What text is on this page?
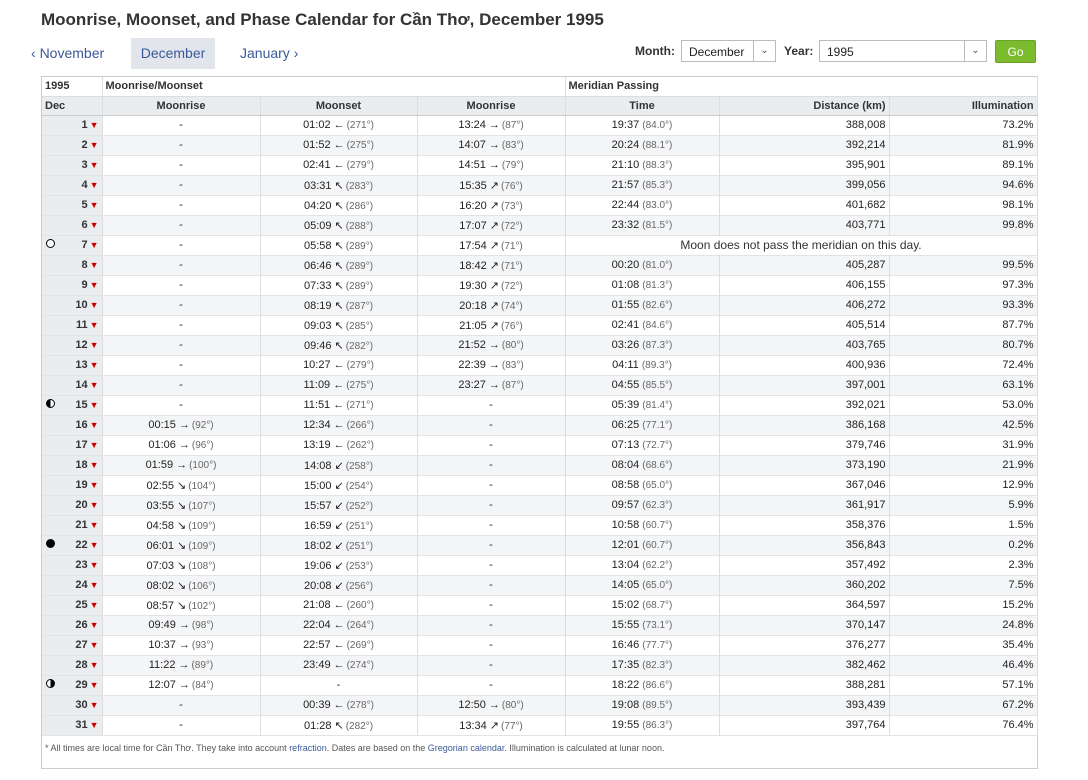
Moonrise, Moonset, and Phase Calendar for Cần Thơ, December 1995
‹ November	December	January ›	Month:	December	⌄	Year:	1995	⌄	Go
1995	Moonrise/Moonset			Meridian Passing		
Dec	Moonrise	Moonset	Moonrise	Time	Distance (km)	Illumination
1 ▼	-	01:02 ← (271°)	13:24 → (87°)	19:37 (84.0°)	388,008	73.2%
2 ▼	-	01:52 ← (275°)	14:07 → (83°)	20:24 (88.1°)	392,214	81.9%
3 ▼	-	02:41 ← (279°)	14:51 → (79°)	21:10 (88.3°)	395,901	89.1%
4 ▼	-	03:31 ↖ (283°)	15:35 ↗ (76°)	21:57 (85.3°)	399,056	94.6%
5 ▼	-	04:20 ↖ (286°)	16:20 ↗ (73°)	22:44 (83.0°)	401,682	98.1%
6 ▼	-	05:09 ↖ (288°)	17:07 ↗ (72°)	23:32 (81.5°)	403,771	99.8%

7 ▼	-	05:58 ↖ (289°)	17:54 ↗ (71°)	Moon does not pass the meridian on this day.		
8 ▼	-	06:46 ↖ (289°)	18:42 ↗ (71°)	00:20 (81.0°)	405,287	99.5%
9 ▼	-	07:33 ↖ (289°)	19:30 ↗ (72°)	01:08 (81.3°)	406,155	97.3%
10 ▼	-	08:19 ↖ (287°)	20:18 ↗ (74°)	01:55 (82.6°)	406,272	93.3%
11 ▼	-	09:03 ↖ (285°)	21:05 ↗ (76°)	02:41 (84.6°)	405,514	87.7%
12 ▼	-	09:46 ↖ (282°)	21:52 → (80°)	03:26 (87.3°)	403,765	80.7%
13 ▼	-	10:27 ← (279°)	22:39 → (83°)	04:11 (89.3°)	400,936	72.4%
14 ▼	-	11:09 ← (275°)	23:27 → (87°)	04:55 (85.5°)	397,001	63.1%

15 ▼	-	11:51 ← (271°)	-	05:39 (81.4°)	392,021	53.0%
16 ▼	00:15 → (92°)	12:34 ← (266°)	-	06:25 (77.1°)	386,168	42.5%
17 ▼	01:06 → (96°)	13:19 ← (262°)	-	07:13 (72.7°)	379,746	31.9%
18 ▼	01:59 → (100°)	14:08 ↙ (258°)	-	08:04 (68.6°)	373,190	21.9%
19 ▼	02:55 ↘ (104°)	15:00 ↙ (254°)	-	08:58 (65.0°)	367,046	12.9%
20 ▼	03:55 ↘ (107°)	15:57 ↙ (252°)	-	09:57 (62.3°)	361,917	5.9%
21 ▼	04:58 ↘ (109°)	16:59 ↙ (251°)	-	10:58 (60.7°)	358,376	1.5%

22 ▼	06:01 ↘ (109°)	18:02 ↙ (251°)	-	12:01 (60.7°)	356,843	0.2%
23 ▼	07:03 ↘ (108°)	19:06 ↙ (253°)	-	13:04 (62.2°)	357,492	2.3%
24 ▼	08:02 ↘ (106°)	20:08 ↙ (256°)	-	14:05 (65.0°)	360,202	7.5%
25 ▼	08:57 ↘ (102°)	21:08 ← (260°)	-	15:02 (68.7°)	364,597	15.2%
26 ▼	09:49 → (98°)	22:04 ← (264°)	-	15:55 (73.1°)	370,147	24.8%
27 ▼	10:37 → (93°)	22:57 ← (269°)	-	16:46 (77.7°)	376,277	35.4%
28 ▼	11:22 → (89°)	23:49 ← (274°)	-	17:35 (82.3°)	382,462	46.4%

29 ▼	12:07 → (84°)	-	-	18:22 (86.6°)	388,281	57.1%
30 ▼	-	00:39 ← (278°)	12:50 → (80°)	19:08 (89.5°)	393,439	67.2%
31 ▼	-	01:28 ↖ (282°)	13:34 ↗ (77°)	19:55 (86.3°)	397,764	76.4%
* All times are local time for Cần Thơ. They take into account refraction. Dates are based on the Gregorian calendar. Illumination is calculated at lunar noon.
